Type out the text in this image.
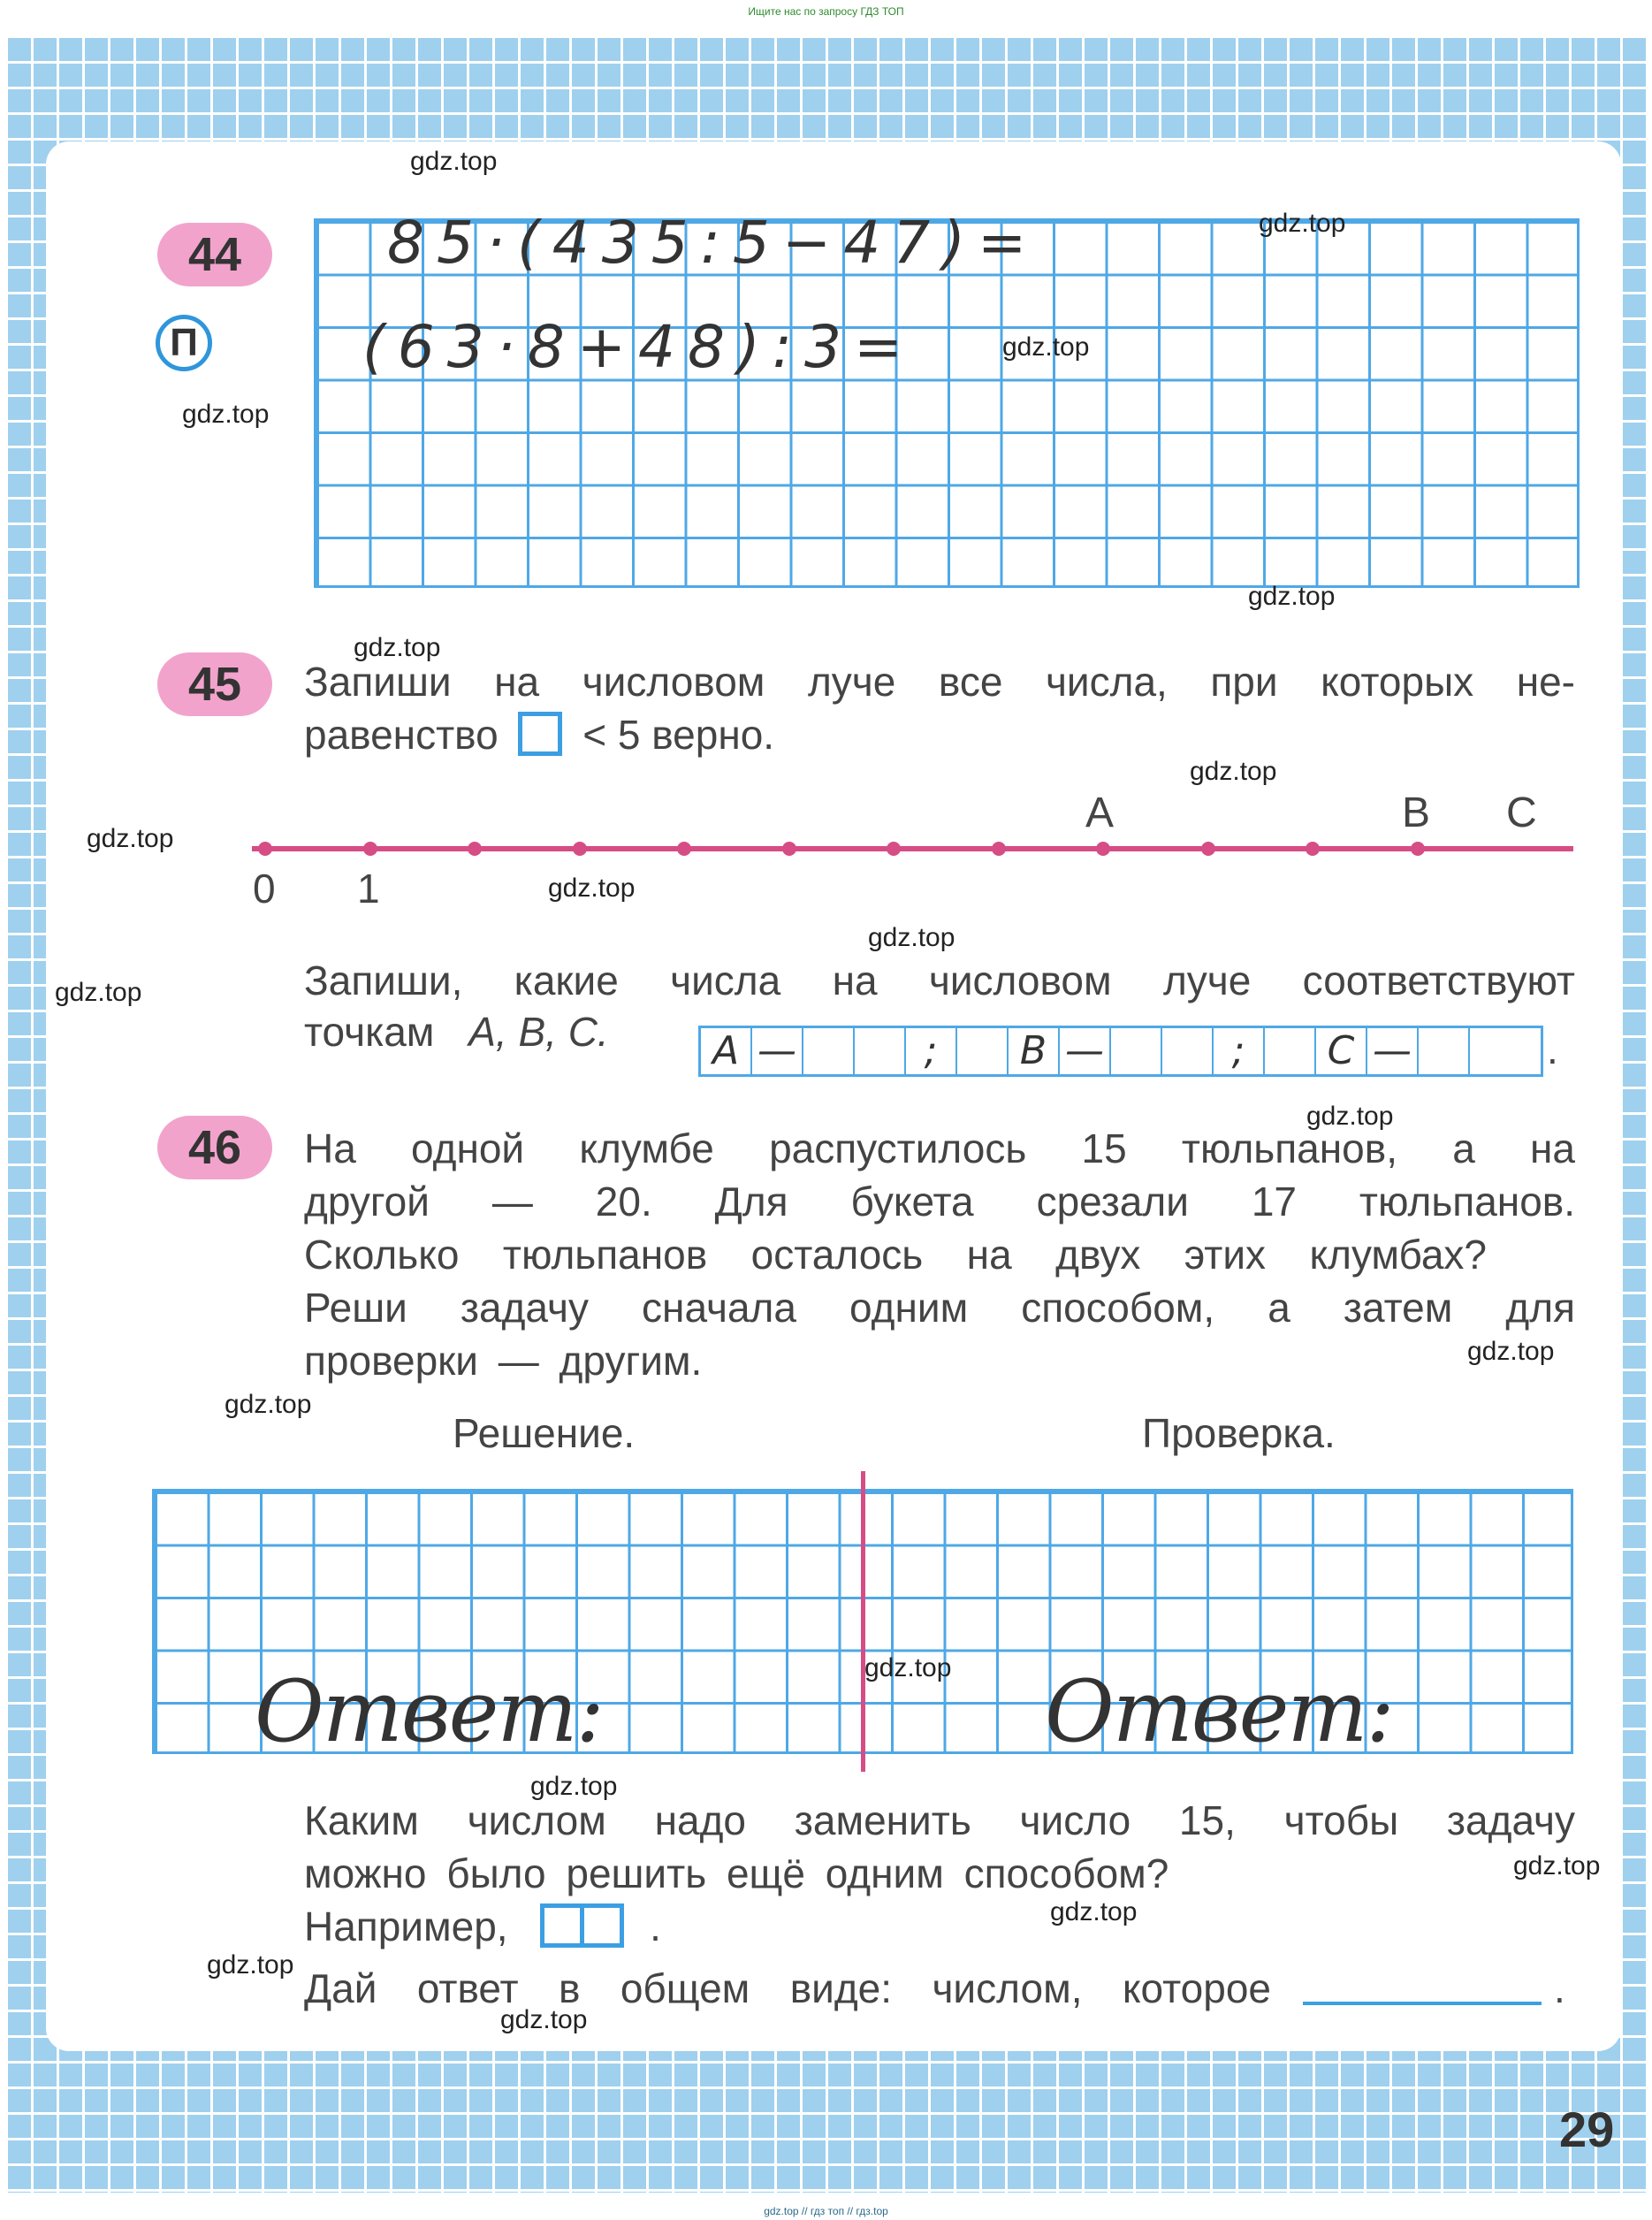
Ищите нас по запросу ГДЗ ТОП
44
П
85·(435:5−47)=
(63·8+48):3=
45	Запиши на числовом луче все числа, при которых не-
равенство < 5 верно.
0 1
A	B C
Запиши, какие числа на числовом луче соответствуют
точкам A, B, C.	A —	;	B —	;	C —	.
46	На одной клумбе распустилось 15 тюльпанов, а на
другой — 20. Для букета срезали 17 тюльпанов.
Сколько тюльпанов осталось на двух этих клумбах?
Реши задачу сначала одним способом, а затем для
проверки — другим.
Решение.	Проверка.
Ответ:	Ответ:
Каким числом надо заменить число 15, чтобы задачу
можно было решить ещё одним способом?
Например,	.
Дай ответ в общем виде: числом, которое	.
29
gdz.top
gdz.top
gdz.top
gdz.top
gdz.top
gdz.top
gdz.top
gdz.top
gdz.top
gdz.top
gdz.top
gdz.top
gdz.top
gdz.top
gdz.top
gdz.top
gdz.top
gdz.top
gdz.top
gdz.top
gdz.top // гдз топ // гдз.top
